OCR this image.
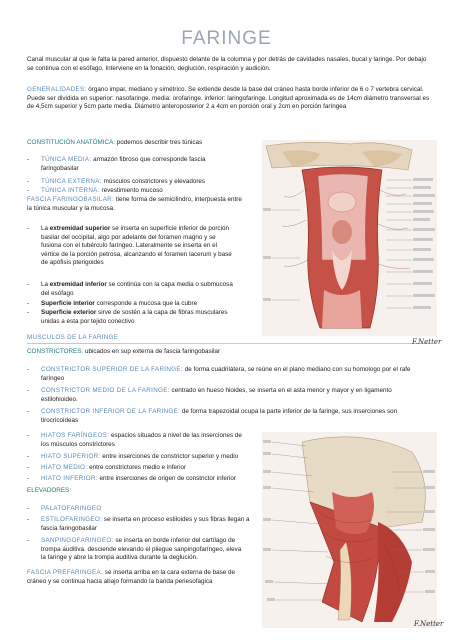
FARINGE
Canal muscular al que le falta la pared anterior, dispuesto delante de la columna y por detrás de cavidades nasales, bucal y laringe. Por debajo se continua con el esófago. Interviene en la fonación, deglución, respiración y audición.
GENERALIDADES: órgano impar, mediano y simétrico. Se extiende desde la base del cráneo hasta borde inferior de 6 o 7 vertebra cervical. Puede ser dividida en superior: nasofaringe. media: orofaringe. inferior: laringofaringe. Longitud aproximada es de 14cm diámetro transversal es de 4,5cm superior y 5cm parte media. Diámetro anteroposterior 2 a 4cm en porción oral y 2cm en porción faríngea
CONSTITUCIÓN ANATÓMICA: podemos describir tres túnicas
- TÚNICA MEDIA: armazón fibroso que corresponde fascia
faringobasilar
- TÚNICA EXTERNA: músculos constrictores y elevadores
- TÚNICA INTERNA: revestimiento mucoso
FASCIA FARINGOBASILAR: tiene forma de semicilindro, interpuesta entre
la túnica muscular y la mucosa.
- La extremidad superior se inserta en superficie inferior de porción
basilar del occipital, algo por adelante del foramen magno y se
fusiona con el tubérculo faríngeo. Lateralmente se inserta en el
vértice de la porción petrosa, alcanzando el foramen lacerum y base
de apófisis pterigoides
- La extremidad inferior se continúa con la capa media o submucosa
del esófago
- Superficie interior corresponde a mucosa que la cubre
- Superficie exterior sirve de sostén a la capa de fibras musculares
unidas a esta por tejido conectivo
MUSCULOS DE LA FARINGE
CONSTRICTORES: ubicados en sup externa de fascia faringobasilar
- CONSTRICTOR SUPERIOR DE LA FARINGE: de forma cuadrilátera, se reúne en el plano mediano con su homologo por el rafe
faríngeo
- CONSTRICTOR MEDIO DE LA FARINGE: centrado en hueso hioides, se inserta en el asta menor y mayor y en ligamento
estilohioideo.
- CONSTRICTOR INFERIOR DE LA FARINGE: de forma trapezoidal ocupa la parte inferior de la faringe, sus inserciones son
tirocricoideas
- HIATOS FARÍNGEOS: espacios situados a nivel de las inserciones de
los músculos constrictores
- HIATO SUPERIOR: entre inserciones de constrictor superior y medio
- HIATO MEDIO: entre constrictores medio e inferior
- HIATO INFERIOR: entre inserciones de origen de constrictor inferior
ELEVADORES:
- PALATOFARINGEO
- ESTILOFARINGEO: se inserta en proceso estiloides y sus fibras llegan a
fascia faringobasilar
- SANPINGOFARINGEO: se inserta en borde inferior del cartílago de
trompa auditiva. desciende elevando el pliegue sanpingofaríngeo, eleva
la faringe y abre la trompa auditiva durante la deglución.
FASCIA PREFARINGEA: se inserta arriba en la cara externa de base de
cráneo y se continua hacia abajo formando la banda periesofagica
F.Netter
F.Netter
